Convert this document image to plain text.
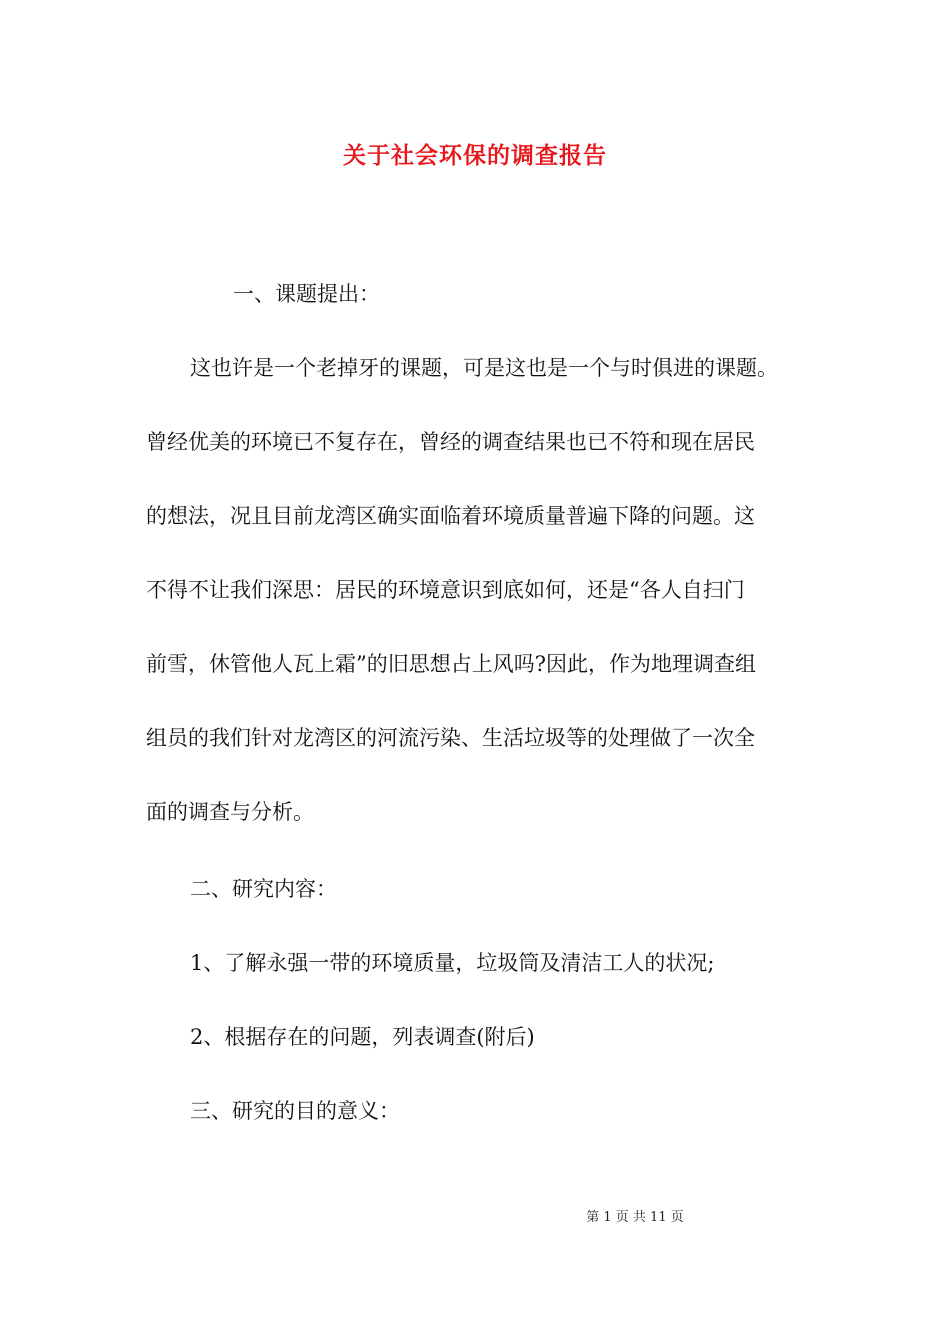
关于社会环保的调查报告
一、课题提出：
这也许是一个老掉牙的课题，可是这也是一个与时俱进的课题。
曾经优美的环境已不复存在，曾经的调查结果也已不符和现在居民
的想法，况且目前龙湾区确实面临着环境质量普遍下降的问题。这
不得不让我们深思：居民的环境意识到底如何，还是“各人自扫门
前雪，休管他人瓦上霜”的旧思想占上风吗?因此，作为地理调查组
组员的我们针对龙湾区的河流污染、生活垃圾等的处理做了一次全
面的调查与分析。
二、研究内容：
1、了解永强一带的环境质量，垃圾筒及清洁工人的状况;
2、根据存在的问题，列表调查(附后)
三、研究的目的意义：
第 1 页 共 11 页
